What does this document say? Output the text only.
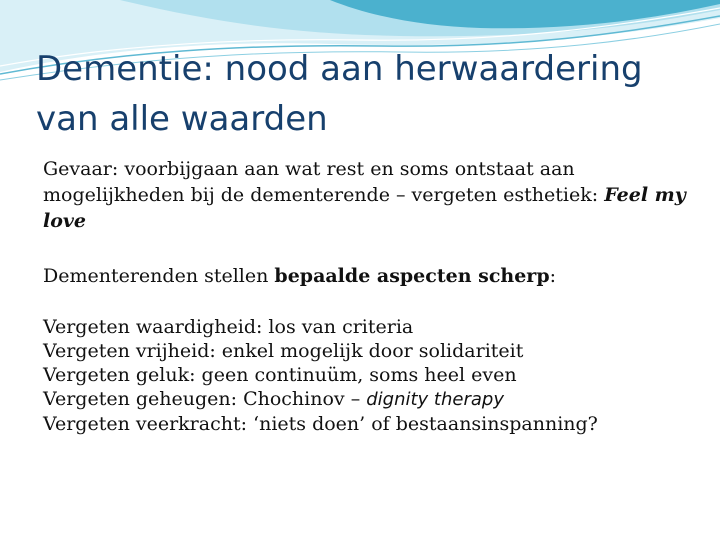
Dementie: nood aan herwaardering van alle waarden

Gevaar: voorbijgaan aan wat rest en soms ontstaat aan mogelijkheden bij de dementerende – vergeten esthetiek: Feel my love

Dementerenden stellen bepaalde aspecten scherp:

Vergeten waardigheid: los van criteria
Vergeten vrijheid: enkel mogelijk door solidariteit
Vergeten geluk: geen continuüm, soms heel even
Vergeten geheugen: Chochinov – dignity therapy
Vergeten veerkracht: ‘niets doen’ of bestaansinspanning?
